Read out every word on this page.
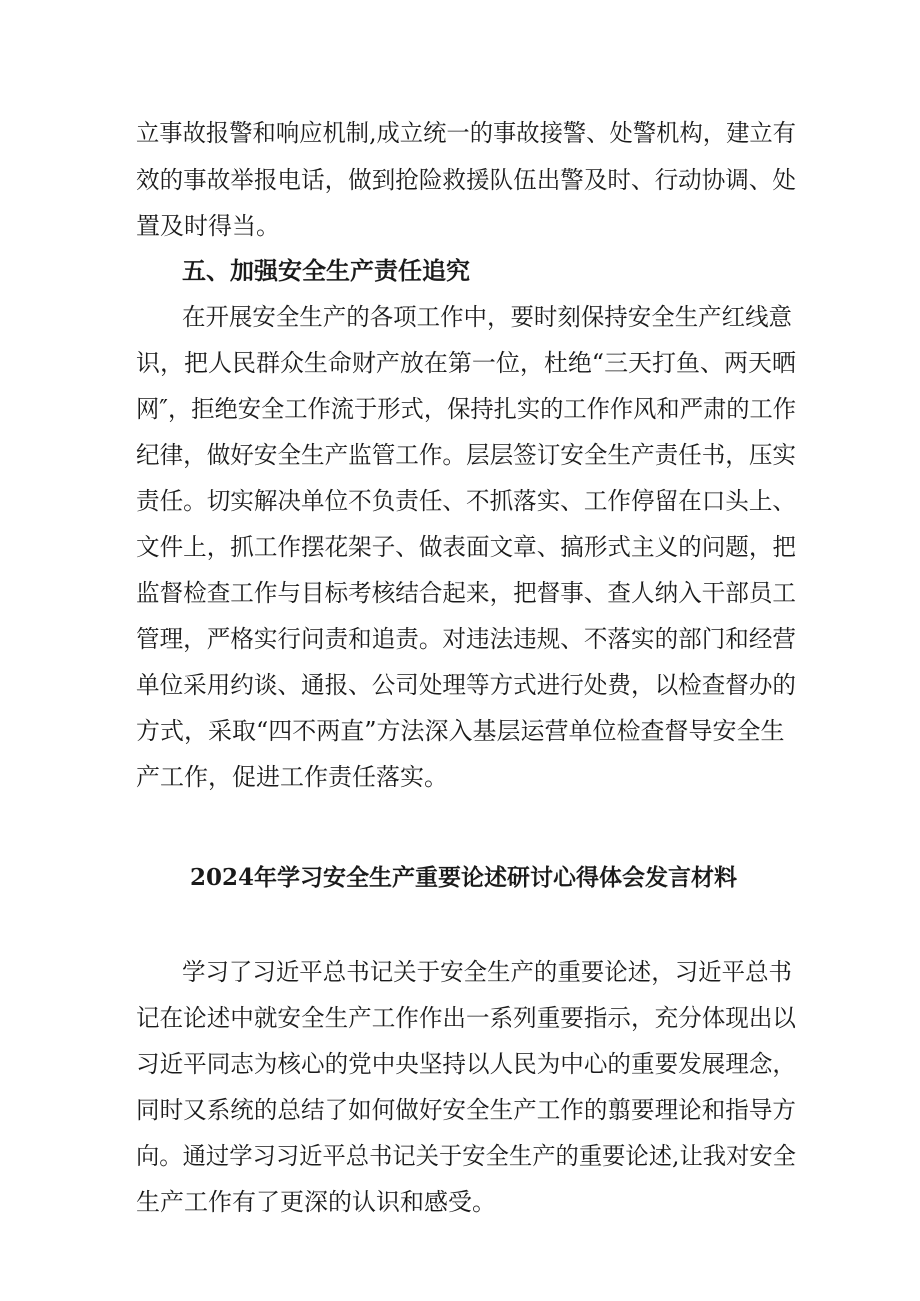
立事故报警和响应机制,成立统一的事故接警、处警机构，建立有
效的事故举报电话，做到抢险救援队伍出警及时、行动协调、处
置及时得当。
五、加强安全生产责任追究
在开展安全生产的各项工作中，要时刻保持安全生产红线意
识，把人民群众生命财产放在第一位，杜绝“三天打鱼、两天晒
网″，拒绝安全工作流于形式，保持扎实的工作作风和严肃的工作
纪律，做好安全生产监管工作。层层签订安全生产责任书，压实
责任。切实解决单位不负责任、不抓落实、工作停留在口头上、
文件上，抓工作摆花架子、做表面文章、搞形式主义的问题，把
监督检查工作与目标考核结合起来，把督事、查人纳入干部员工
管理，严格实行问责和追责。对违法违规、不落实的部门和经营
单位采用约谈、通报、公司处理等方式进行处费，以检查督办的
方式，采取“四不两直”方法深入基层运营单位检查督导安全生
产工作，促进工作责任落实。
2024年学习安全生产重要论述研讨心得体会发言材料
学习了习近平总书记关于安全生产的重要论述，习近平总书
记在论述中就安全生产工作作出一系列重要指示，充分体现出以
习近平同志为核心的党中央坚持以人民为中心的重要发展理念，
同时又系统的总结了如何做好安全生产工作的翦要理论和指导方
向。通过学习习近平总书记关于安全生产的重要论述,让我对安全
生产工作有了更深的认识和感受。
